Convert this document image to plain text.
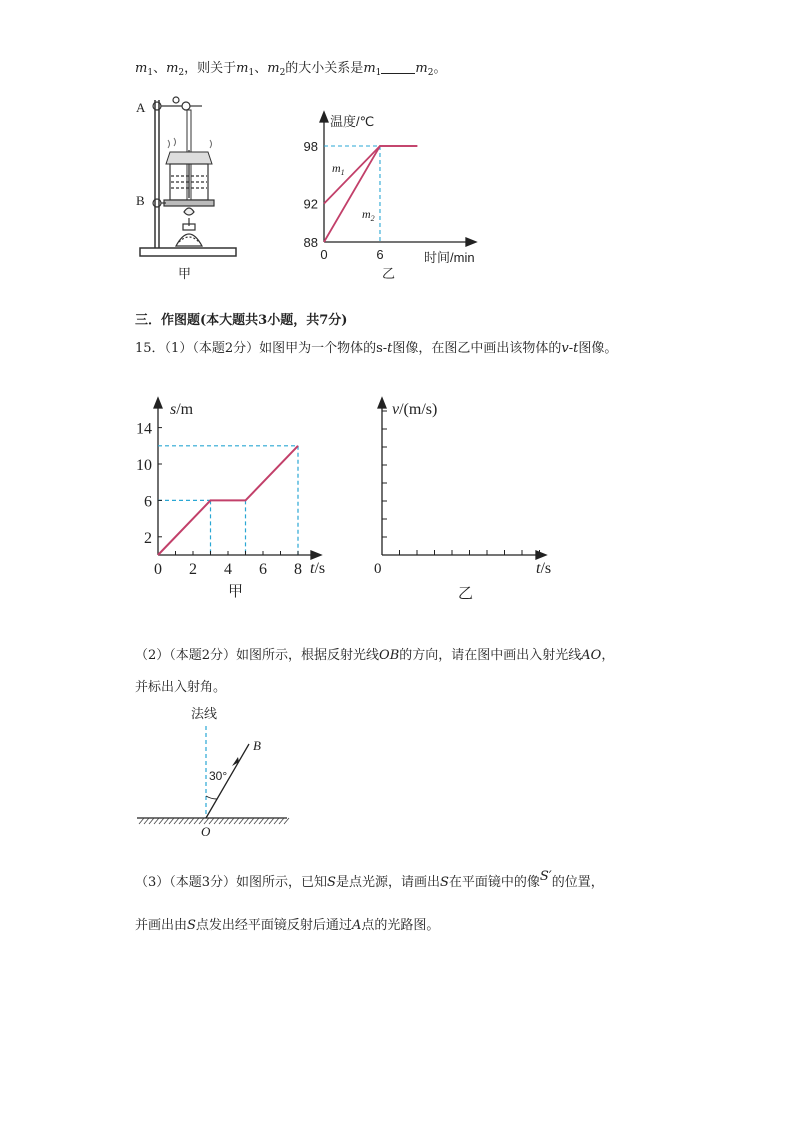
$m_1$、$m_2$，则关于$m_1$、$m_2$的大小关系是$m_1$	$m_2$。
A
B
甲
温度/℃
时间/min
88
92
98
0	6
$m_1$
$m_2$
乙
三．作图题(本大题共3小题，共7分)
15．（1）（本题2分）如图甲为一个物体的s-t图像，在图乙中画出该物体的v-t图像。
s/m
t/s
2
6
10
14
0 2 4 6 8
甲
v/(m/s)
t/s
0
乙
（2）（本题2分）如图所示，根据反射光线OB的方向，请在图中画出入射光线AO，
并标出入射角。
法线
30°
B
O
（3）（本题3分）如图所示，已知S是点光源，请画出S在平面镜中的像S′的位置，
并画出由S点发出经平面镜反射后通过A点的光路图。
